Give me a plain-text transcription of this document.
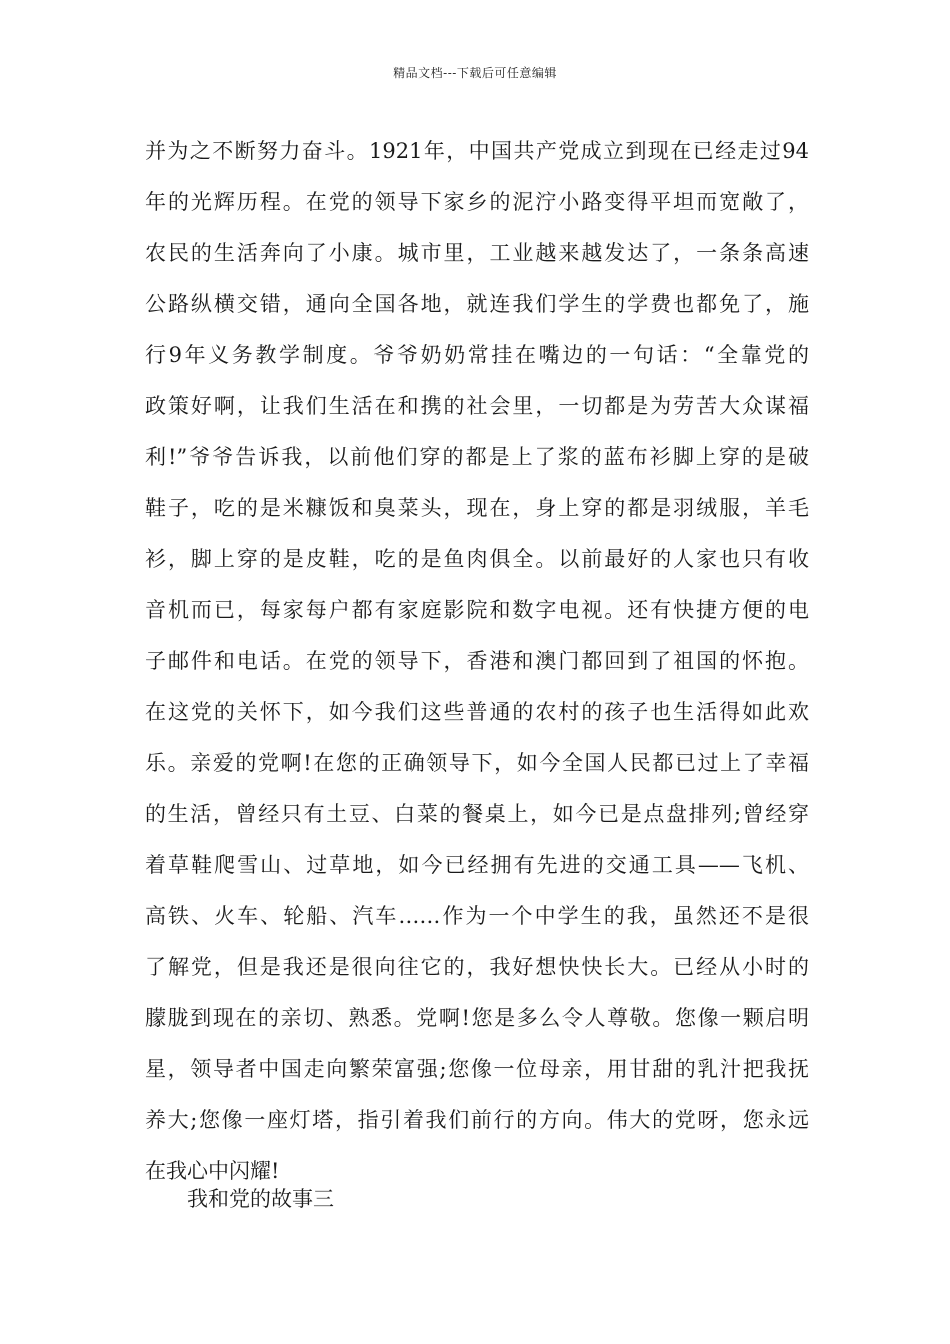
精品文档---下载后可任意编辑
并为之不断努力奋斗。1921年，中国共产党成立到现在已经走过94
年的光辉历程。在党的领导下家乡的泥泞小路变得平坦而宽敞了，
农民的生活奔向了小康。城市里，工业越来越发达了，一条条高速
公路纵横交错，通向全国各地，就连我们学生的学费也都免了，施
行9年义务教学制度。爷爷奶奶常挂在嘴边的一句话：“全靠党的
政策好啊，让我们生活在和携的社会里，一切都是为劳苦大众谋福
利!”爷爷告诉我，以前他们穿的都是上了浆的蓝布衫脚上穿的是破
鞋子，吃的是米糠饭和臭菜头，现在，身上穿的都是羽绒服，羊毛
衫，脚上穿的是皮鞋，吃的是鱼肉俱全。以前最好的人家也只有收
音机而已，每家每户都有家庭影院和数字电视。还有快捷方便的电
子邮件和电话。在党的领导下，香港和澳门都回到了祖国的怀抱。
在这党的关怀下，如今我们这些普通的农村的孩子也生活得如此欢
乐。亲爱的党啊!在您的正确领导下，如今全国人民都已过上了幸福
的生活，曾经只有土豆、白菜的餐桌上，如今已是点盘排列;曾经穿
着草鞋爬雪山、过草地，如今已经拥有先进的交通工具——飞机、
高铁、火车、轮船、汽车……作为一个中学生的我，虽然还不是很
了解党，但是我还是很向往它的，我好想快快长大。已经从小时的
朦胧到现在的亲切、熟悉。党啊!您是多么令人尊敬。您像一颗启明
星，领导者中国走向繁荣富强;您像一位母亲，用甘甜的乳汁把我抚
养大;您像一座灯塔，指引着我们前行的方向。伟大的党呀，您永远
在我心中闪耀!
我和党的故事三
